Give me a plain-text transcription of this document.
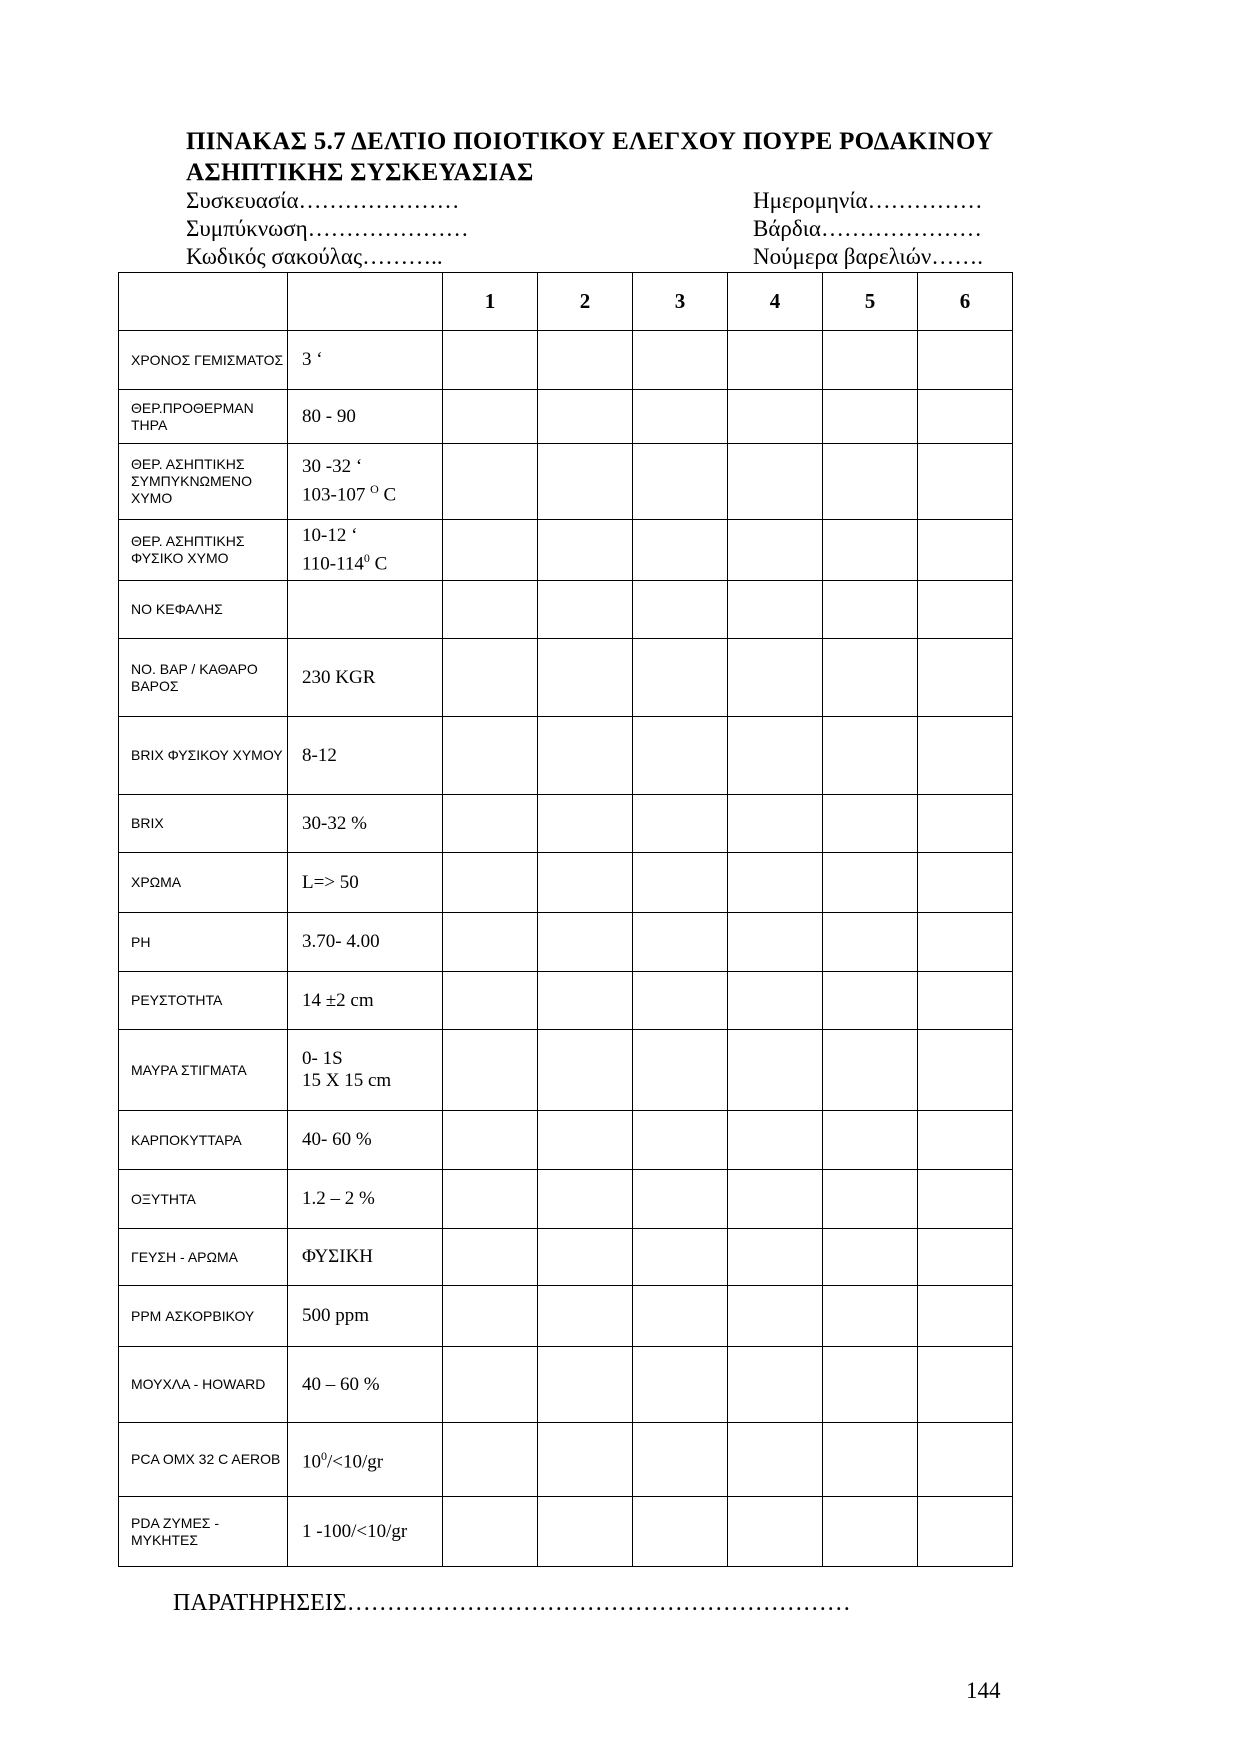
ΠΙΝΑΚΑΣ 5.7 ΔΕΛΤΙΟ ΠΟΙΟΤΙΚΟΥ ΕΛΕΓΧΟΥ ΠΟΥΡΕ ΡΟΔΑΚΙΝΟΥ
ΑΣΗΠΤΙΚΗΣ ΣΥΣΚΕΥΑΣΙΑΣ
Συσκευασία…………………
Συμπύκνωση…………………
Κωδικός σακούλας………..
Ημερομηνία……………
Βάρδια…………………
Νούμερα βαρελιών…….
		1	2	3	4	5	6
ΧΡΟΝΟΣ ΓΕΜΙΣΜΑΤΟΣ	3 ‘						
ΘΕΡ.ΠΡΟΘΕΡΜΑΝ ΤΗΡΑ	80 - 90						
ΘΕΡ. ΑΣΗΠΤΙΚΗΣ ΣΥΜΠΥΚΝΩΜΕΝΟ ΧΥΜΟ	30 -32 ‘
103-107 $^O$ C						

ΘΕΡ. ΑΣΗΠΤΙΚΗΣ ΦΥΣΙΚΟ ΧΥΜΟ	10-12 ‘
$110-114^0$ C						

ΝΟ ΚΕΦΑΛΗΣ							
ΝΟ. ΒΑΡ / ΚΑΘΑΡΟ ΒΑΡΟΣ	230 KGR						
BRIX ΦΥΣΙΚΟΥ ΧΥΜΟΥ	8-12						
BRIX	30-32 %						
ΧΡΩΜΑ	L=> 50						
PH	3.70- 4.00						
ΡΕΥΣΤΟΤΗΤΑ	14 ±2 cm						
ΜΑΥΡΑ ΣΤΙΓΜΑΤΑ	0- 1S
15 X 15 cm						

ΚΑΡΠΟΚΥΤΤΑΡΑ	40- 60 %						
ΟΞΥΤΗΤΑ	1.2 – 2 %						
ΓΕΥΣΗ - ΑΡΩΜΑ	ΦΥΣΙΚΗ						
PPM ΑΣΚΟΡΒΙΚΟΥ	500 ppm						
ΜΟΥΧΛΑ - HOWARD	40 – 60 %						
PCA OMX 32 C AEROB	$10^0/<10/gr$						
PDA ΖΥΜΕΣ - ΜΥΚΗΤΕΣ	1 -100/<10/gr						
ΠΑΡΑΤΗΡΗΣΕΙΣ………………………………………………………
144
